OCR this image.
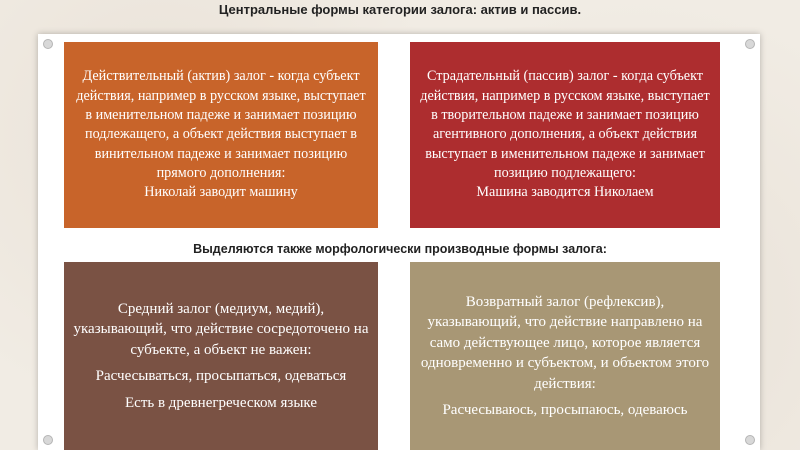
Центральные формы категории залога: актив и пассив.

Действительный (актив) залог - когда субъект действия, например в русском языке, выступает в именительном падеже и занимает позицию подлежащего, а объект действия выступает в винительном падеже и занимает позицию прямого дополнения:

Николай заводит машину

Страдательный (пассив) залог - когда субъект действия, например в русском языке, выступает в творительном падеже и занимает позицию агентивного дополнения, а объект действия выступает в именительном падеже и занимает позицию подлежащего:

Машина заводится Николаем

Выделяются также морфологически производные формы залога:

Средний залог (медиум, медий), указывающий, что действие сосредоточено на субъекте, а объект не важен:

Расчесываться, просыпаться, одеваться

Есть в древнегреческом языке

Возвратный залог (рефлексив), указывающий, что действие направлено на само действующее лицо, которое является одновременно и субъектом, и объектом этого действия:

Расчесываюсь, просыпаюсь, одеваюсь
